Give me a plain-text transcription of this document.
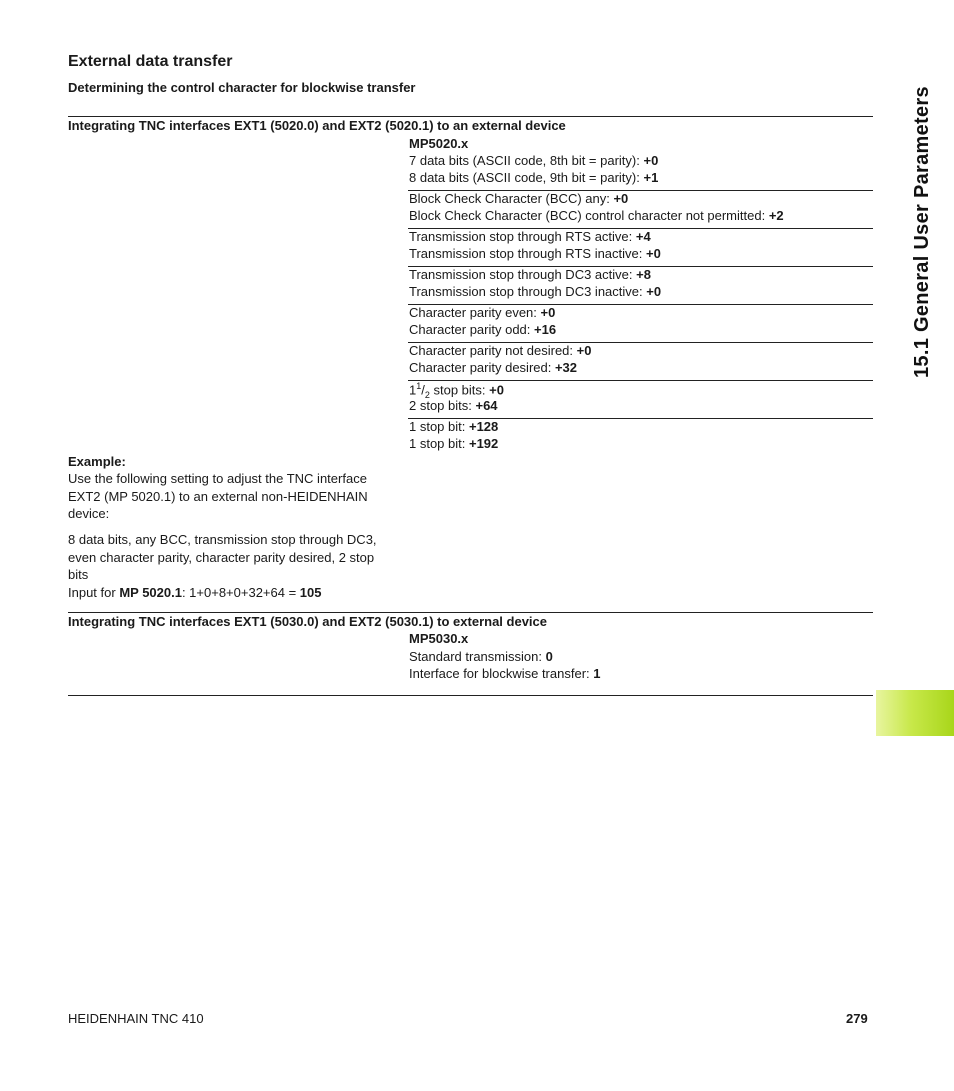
External data transfer
Determining the control character for blockwise transfer
Integrating TNC interfaces EXT1 (5020.0) and EXT2 (5020.1) to an external device
MP5020.x
7 data bits (ASCII code, 8th bit = parity): +0
8 data bits (ASCII code, 9th bit = parity): +1
Block Check Character (BCC) any: +0
Block Check Character (BCC) control character not permitted: +2
Transmission stop through RTS active: +4
Transmission stop through RTS inactive: +0
Transmission stop through DC3 active: +8
Transmission stop through DC3 inactive: +0
Character parity even: +0
Character parity odd: +16
Character parity not desired: +0
Character parity desired: +32
$1^1/_2$ stop bits: +0
2 stop bits: +64
1 stop bit: +128
1 stop bit: +192
Example:
Use the following setting to adjust the TNC interface EXT2 (MP 5020.1) to an external non-HEIDENHAIN device:
8 data bits, any BCC, transmission stop through DC3, even character parity, character parity desired, 2 stop bits
Input for MP 5020.1: 1+0+8+0+32+64 = 105
Integrating TNC interfaces EXT1 (5030.0) and EXT2 (5030.1) to external device
MP5030.x
Standard transmission: 0
Interface for blockwise transfer: 1
15.1 General User Parameters
HEIDENHAIN TNC 410	279
